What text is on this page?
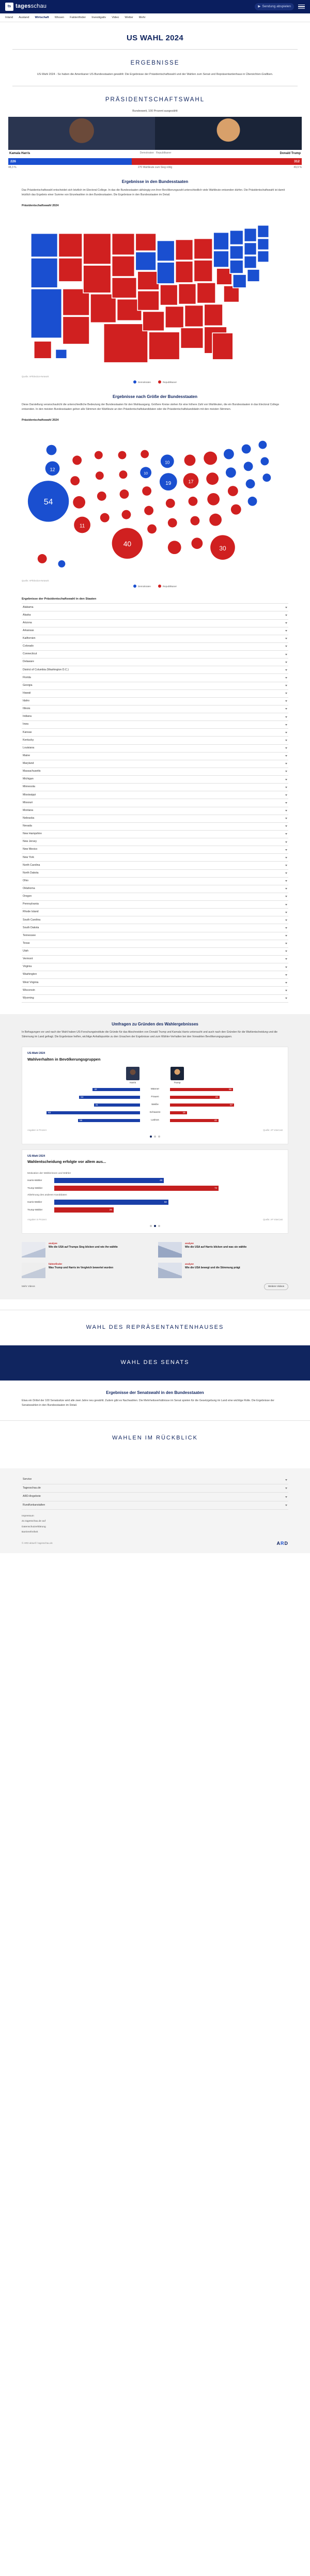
ts tagesschau	▶ Sendung abspielen
Inland Ausland Wirtschaft Wissen Faktenfinder Investigativ Video Wetter Mehr
US WAHL 2024
ERGEBNISSE
US-Wahl 2024 - So haben die Amerikaner US-Bundesstaaten gewählt: Die Ergebnisse der Präsidentschaftswahl und der Wahlen zum Senat und Repräsentantenhaus in Übersichten-Grafiken.
PRÄSIDENTSCHAFTSWAHL
Bundesweit, 100 Prozent ausgezählt
Kamala Harris	Demokraten Republikaner	Donald Trump
226	312
48,3 %	270 Wahlleute zum Sieg nötig	49,9 %
Ergebnisse in den Bundesstaaten
Das Präsidentschaftswahl entscheidet sich letztlich im Electoral College. In das die Bundesstaaten abhängig von ihrer Bevölkerungszahl unterschiedlich viele Wahlleute entsenden dürfen. Die Präsidentschaftswahl ist damit letztlich das Ergebnis einer Summe von Einzelwahlen in den Bundesstaaten. Die Ergebnisse in den Bundesstaaten im Detail.
Präsidentschaftswahl 2024
Quelle: AP/Election-Network
Demokraten	Republikaner
Ergebnisse nach Größe der Bundesstaaten
Diese Darstellung veranschaulicht die unterschiedliche Bedeutung der Bundesstaaten für den Wahlausgang. Größere Kreise stehen für eine höhere Zahl von Wahlleuten, die ein Bundesstaaten in das Electoral College entsenden. In den meisten Bundesstaaten gehen alle Stimmen der Wahlleute an den Präsidentschaftskandidaten oder die Präsidentschaftskandidatin mit den meisten Stimmen.
Präsidentschaftswahl 2024
54
12
11
40
10
10
19	17
30
Quelle: AP/Election-Network
Demokraten	Republikaner
Ergebnisse der Präsidentschaftswahl in den Staaten
Alabama
Alaska
Arizona
Arkansas
Kalifornien
Colorado
Connecticut
Delaware
District of Columbia (Washington D.C.)
Florida
Georgia
Hawaii
Idaho
Illinois
Indiana
Iowa
Kansas
Kentucky
Louisiana
Maine
Maryland
Massachusetts
Michigan
Minnesota
Mississippi
Missouri
Montana
Nebraska
Nevada
New Hampshire
New Jersey
New Mexico
New York
North Carolina
North Dakota
Ohio
Oklahoma
Oregon
Pennsylvania
Rhode Island
South Carolina
South Dakota
Tennessee
Texas
Utah
Vermont
Virginia
Washington
West Virginia
Wisconsin
Wyoming
Umfragen zu Gründen des Wahlergebnisses
In Befragungen vor und nach der Wahl haben US-Forschungsinstitute die Gründe für das Abschneiden von Donald Trump und Kamala Harris untersucht und auch nach den Gründen für die Wahlentscheidung und die Stimmung im Land gefragt. Die Ergebnisse helfen, wichtige Anhaltspunkte zu den Ursachen der Ergebnisse und zum Wähler-Verhalten bei den Vorwahlen Bevölkerungsgruppen.
US-Wahl 2024
Wahlverhalten in Bevölkerungsgruppen
Harris	Trump
42	Männer	56
54	Frauen	44
41	Weiße	57
83	Schwarze	15
55	Latinos	43
Angaben in Prozent	Quelle: AP VoteCast
US-Wahl 2024
Wahlentscheidung erfolgte vor allem aus...
Motivation der Wählerinnen und Wähler
Harris-Wähler	48
Trump-Wähler	72
Ablehnung des anderen Kandidaten
Harris-Wähler	50
Trump-Wähler	26
Angaben in Prozent	Quelle: AP VoteCast
analyse
Wie die USA auf Trumps Sieg blicken und wie ihn wählte
analyse
Wie die USA auf Harris blicken und was sie wählte
faktenfinder
Was Trump und Harris im Vergleich bewertet wurden
analyse
Wie die USA bewegt und die Stimmung prägt
Mehr Videos	Weitere Videos
WAHL DES REPRÄSENTANTENHAUSES
WAHL DES SENATS
Ergebnisse der Senatswahl in den Bundesstaaten
Etwa ein Drittel der 100 Senatssitze wird alle zwei Jahre neu gewählt. Zudem gibt es Nachwahlen. Die Mehrheitsverhältnisse im Senat spielen für die Gesetzgebung im Land eine wichtige Rolle. Die Ergebnisse der Senatswahlen in den Bundesstaaten im Detail.
WAHLEN IM RÜCKBLICK
Service
Tagesschau.de
ARD-Angebote
Rundfunkanstalten
Impressum
Zu tagesschau.de auf
Datenschutzerklärung
Barrierefreiheit
© ARD-aktuell / tagesschau.de	ARD
